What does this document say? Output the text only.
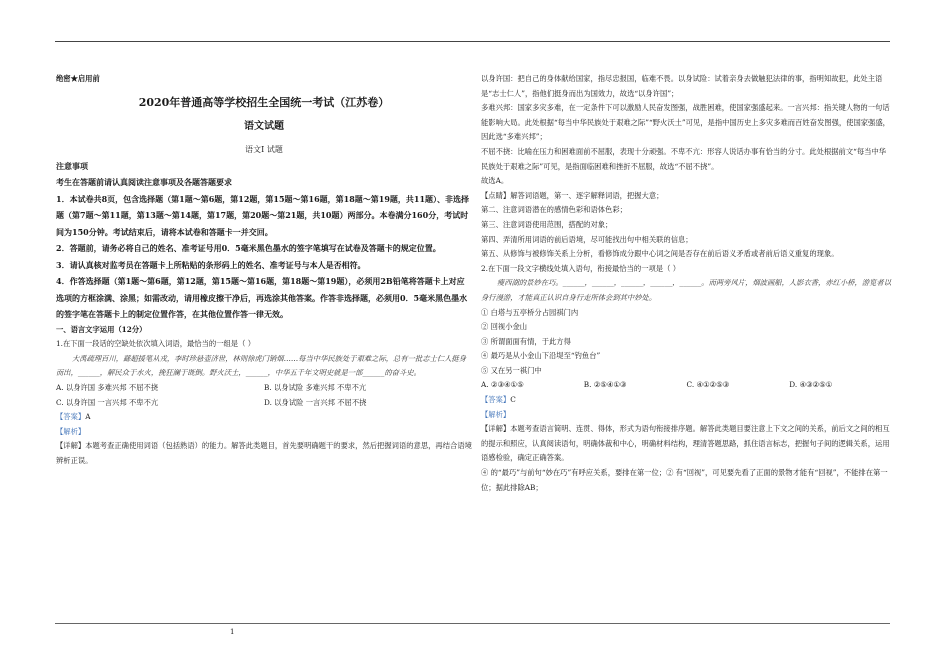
绝密★启用前

2020年普通高等学校招生全国统一考试（江苏卷）

语文试题

语文Ⅰ 试题

注意事项

考生在答题前请认真阅读注意事项及各题答题要求

1．本试卷共8页，包含选择题（第1题～第6题，第12题，第15题～第16题，第18题～第19题，共11题）、非选择题（第7题～第11题，第13题～第14题，第17题，第20题～第21题，共10题）两部分。本卷满分160分，考试时间为150分钟。考试结束后，请将本试卷和答题卡一并交回。

2．答题前，请务必将自己的姓名、准考证号用0．5毫米黑色墨水的签字笔填写在试卷及答题卡的规定位置。

3．请认真核对监考员在答题卡上所粘贴的条形码上的姓名、准考证号与本人是否相符。

4．作答选择题（第1题～第6题，第12题，第15题～第16题，第18题～第19题），必须用2B铅笔将答题卡上对应选项的方框涂满、涂黑；如需改动，请用橡皮擦干净后，再选涂其他答案。作答非选择题，必须用0．5毫米黑色墨水的签字笔在答题卡上的制定位置作答，在其他位置作答一律无效。

一、语言文字运用（12分）

1.在下面一段话的空缺处依次填入词语，最恰当的一组是（ ）

大禹疏理百川，繇超援笔从戎，李时珍悬壶济世，林则徐虎门销烟……每当中华民族处于艰难之际，总有一批志士仁人挺身而出，______，解民众于水火，挽狂澜于既倒。野火沃土，______，中华五千年文明史就是一部______的奋斗史。

A. 以身许国 多难兴邦 不屈不挠	B. 以身试险 多难兴邦 不卑不亢
C. 以身许国 一言兴邦 不卑不亢	D. 以身试险 一言兴邦 不屈不挠

【答案】A

【解析】

【详解】本题考查正确使用词语（包括熟语）的能力。解答此类题目，首先要明确题干的要求，然后把握词语的意思，再结合语境辨析正误。

以身许国：把自己的身体献给国家，指尽忠报国，临难不畏。以身试险：试着亲身去做触犯法律的事，指明知故犯，此处主语是“志士仁人”，指他们挺身而出为国效力，故选“以身许国”；

多难兴邦：国家多灾多难，在一定条件下可以激励人民奋发图强，战胜困难，使国家强盛起来。一言兴邦：指关键人物的一句话能影响大局。此处根据“每当中华民族处于艰难之际”“野火沃土”可见，是指中国历史上多灾多难而百姓奋发图强，使国家强盛，因此选“多难兴邦”；

不屈不挠：比喻在压力和困难面前不屈服，表现十分顽强。不卑不亢：形容人说话办事有恰当的分寸。此处根据前文“每当中华民族处于艰难之际”可见，是指面临困难和挫折不屈服，故选“不屈不挠”。

故选A。

【点睛】解答词语题，第一、逐字解释词语，把握大意；

第二、注意词语潜在的感情色彩和语体色彩；

第三、注意词语使用范围，搭配的对象；

第四、弄清所用词语的前后语境，尽可能找出句中相关联的信息；

第五、从修饰与被修饰关系上分析，看修饰成分跟中心词之间是否存在前后语义矛盾或者前后语义重复的现象。

2.在下面一段文字横线处填入语句，衔接最恰当的一项是（ ）

瘦西湖的景妙在巧。______，______，______，______，______。而两旁风片，烟波画船，人影衣香，赤红小桥，游览者以身行漫游，才能真正认识自身行走所体会到其中妙处。

① 白塔与五亭桥分占园祺门内

② 回视小金山

③ 所谓面面有情，于此方得

④ 最巧是从小金山下沿堤至“钓鱼台”

⑤ 又在另一祺门中

A. ②③④①⑤	B. ②⑤④①③	C. ④①②⑤③	D. ④③②⑤①

【答案】C

【解析】

【详解】本题考查语言简明、连贯、得体，形式为语句衔接排序题。解答此类题目要注意上下文之间的关系，前后文之间的相互的提示和照应，认真阅读语句，明确体裁和中心，明确材料结构，理清答题思路，抓住语言标志，把握句子间的逻辑关系，运用语感检验，确定正确答案。

④ 的“最巧”与前句“妙在巧”有呼应关系，要排在第一位；② 有“回视”，可见要先看了正面的景物才能有“回视”，不能排在第一位；据此排除AB；

1
